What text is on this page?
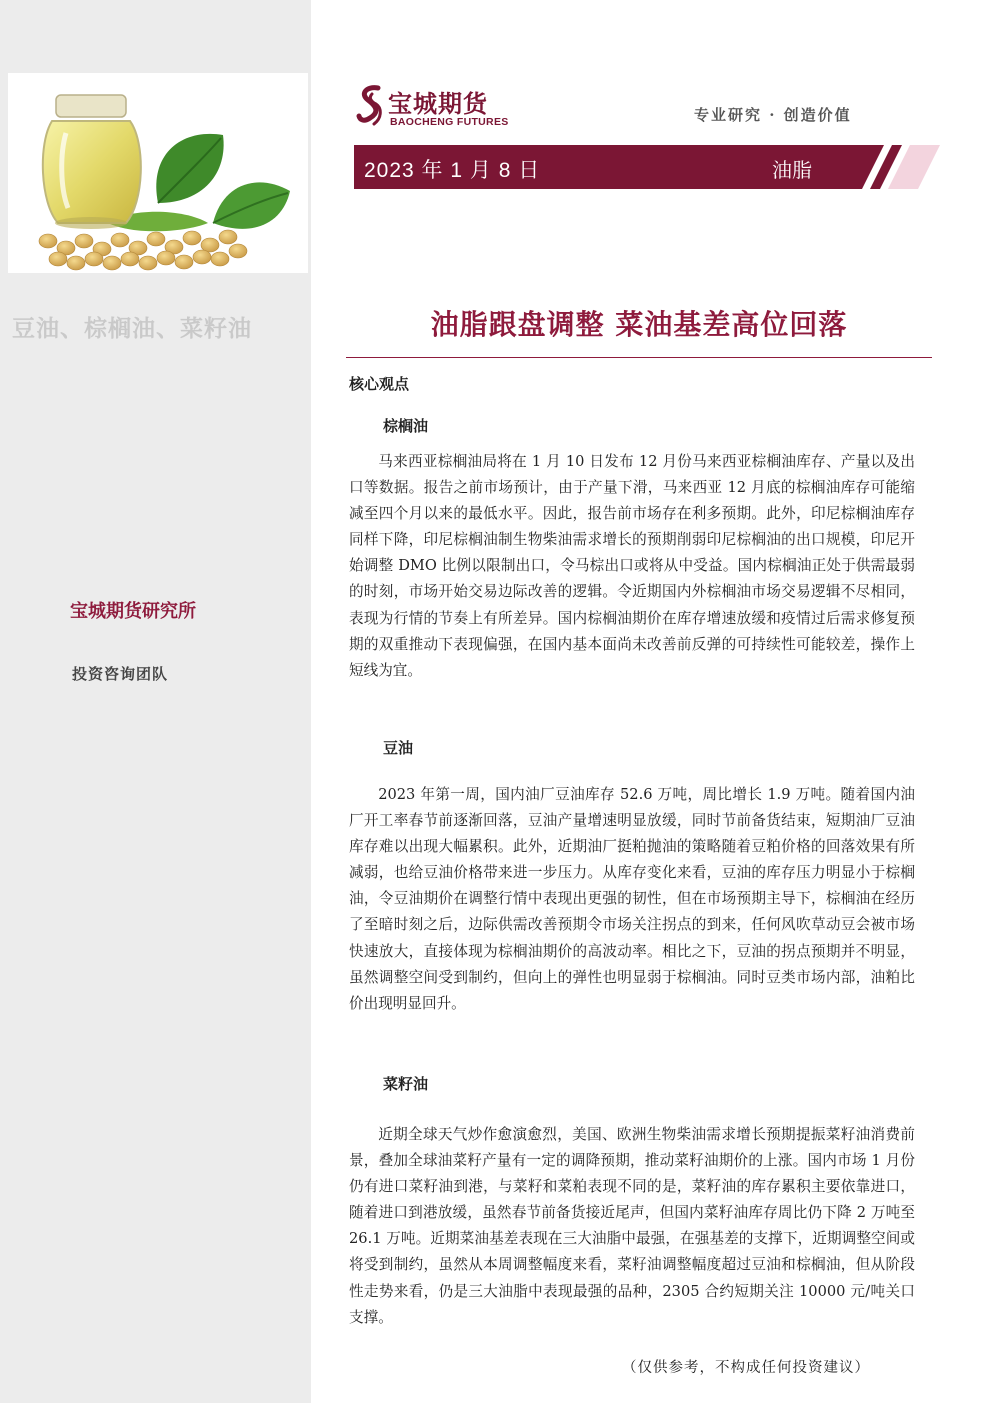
豆油、棕榈油、菜籽油
宝城期货研究所
投资咨询团队
宝城期货
BAOCHENG FUTURES	专业研究 · 创造价值
2023 年 1 月 8 日	油脂
油脂跟盘调整 菜油基差高位回落
核心观点
棕榈油

马来西亚棕榈油局将在 1 月 10 日发布 12 月份马来西亚棕榈油库存、产量以及出口等数据。报告之前市场预计，由于产量下滑，马来西亚 12 月底的棕榈油库存可能缩减至四个月以来的最低水平。因此，报告前市场存在利多预期。此外，印尼棕榈油库存同样下降，印尼棕榈油制生物柴油需求增长的预期削弱印尼棕榈油的出口规模，印尼开始调整 DMO 比例以限制出口，令马棕出口或将从中受益。国内棕榈油正处于供需最弱的时刻，市场开始交易边际改善的逻辑。令近期国内外棕榈油市场交易逻辑不尽相同，表现为行情的节奏上有所差异。国内棕榈油期价在库存增速放缓和疫情过后需求修复预期的双重推动下表现偏强，在国内基本面尚未改善前反弹的可持续性可能较差，操作上短线为宜。

豆油

2023 年第一周，国内油厂豆油库存 52.6 万吨，周比增长 1.9 万吨。随着国内油厂开工率春节前逐渐回落，豆油产量增速明显放缓，同时节前备货结束，短期油厂豆油库存难以出现大幅累积。此外，近期油厂挺粕抛油的策略随着豆粕价格的回落效果有所减弱，也给豆油价格带来进一步压力。从库存变化来看，豆油的库存压力明显小于棕榈油，令豆油期价在调整行情中表现出更强的韧性，但在市场预期主导下，棕榈油在经历了至暗时刻之后，边际供需改善预期令市场关注拐点的到来，任何风吹草动豆会被市场快速放大，直接体现为棕榈油期价的高波动率。相比之下，豆油的拐点预期并不明显，虽然调整空间受到制约，但向上的弹性也明显弱于棕榈油。同时豆类市场内部，油粕比价出现明显回升。

菜籽油

近期全球天气炒作愈演愈烈，美国、欧洲生物柴油需求增长预期提振菜籽油消费前景，叠加全球油菜籽产量有一定的调降预期，推动菜籽油期价的上涨。国内市场 1 月份仍有进口菜籽油到港，与菜籽和菜粕表现不同的是，菜籽油的库存累积主要依靠进口，随着进口到港放缓，虽然春节前备货接近尾声，但国内菜籽油库存周比仍下降 2 万吨至 26.1 万吨。近期菜油基差表现在三大油脂中最强，在强基差的支撑下，近期调整空间或将受到制约，虽然从本周调整幅度来看，菜籽油调整幅度超过豆油和棕榈油，但从阶段性走势来看，仍是三大油脂中表现最强的品种，2305 合约短期关注 10000 元/吨关口支撑。

（仅供参考，不构成任何投资建议）
